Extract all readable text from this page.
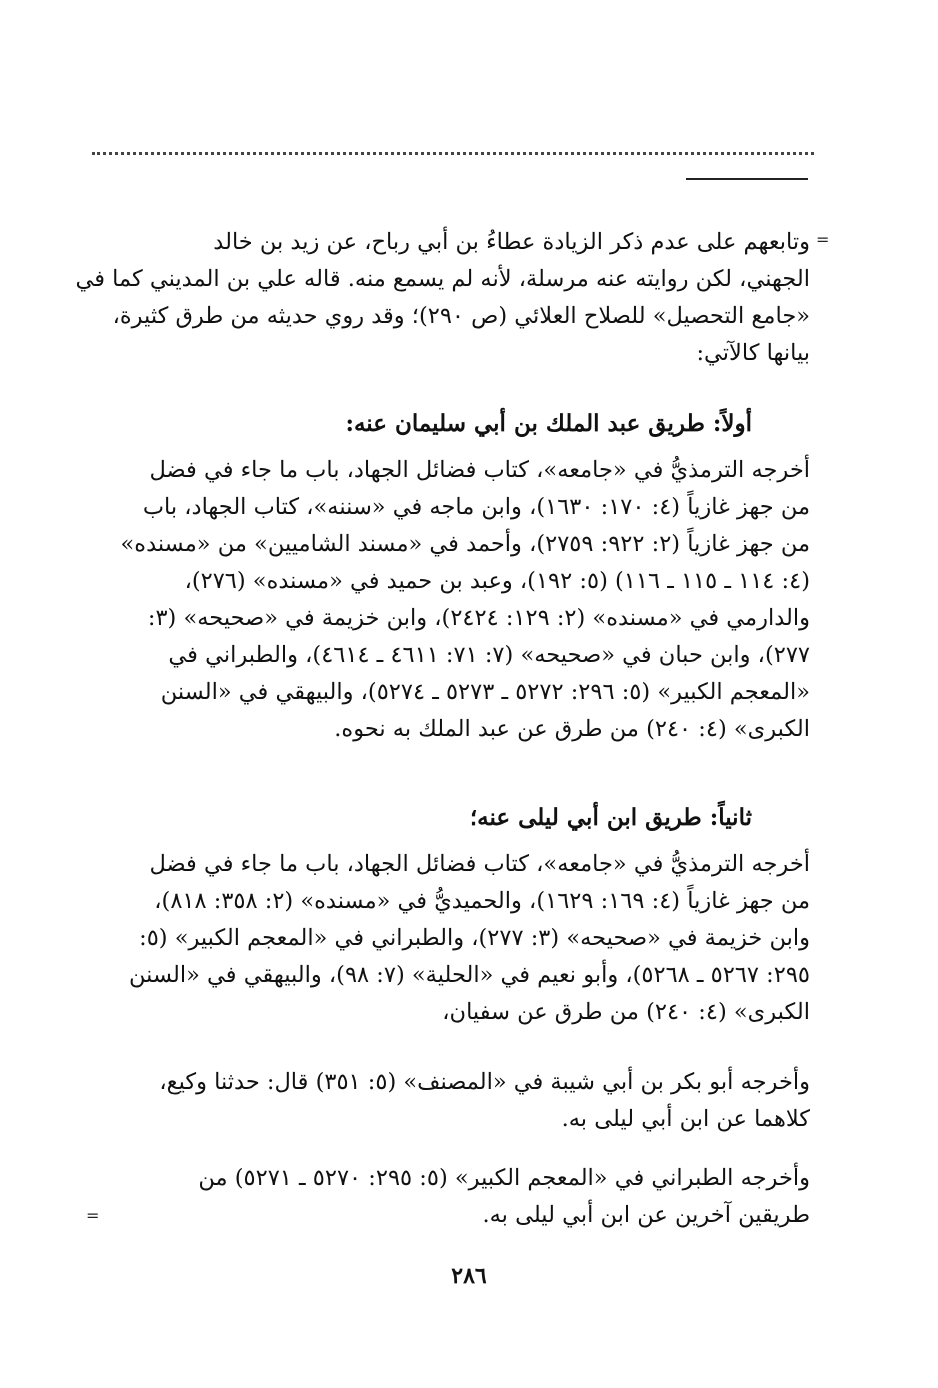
=
وتابعهم على عدم ذكر الزيادة عطاءُ بن أبي رباح، عن زيد بن خالد
الجهني، لكن روايته عنه مرسلة، لأنه لم يسمع منه. قاله علي بن المديني كما في
«جامع التحصيل» للصلاح العلائي (ص ٢٩٠)؛ وقد روي حديثه من طرق كثيرة،
بيانها كالآتي:
أولاً: طريق عبد الملك بن أبي سليمان عنه:
أخرجه الترمذيُّ في «جامعه»، كتاب فضائل الجهاد، باب ما جاء في فضل
من جهز غازياً (٤: ١٧٠: ١٦٣٠)، وابن ماجه في «سننه»، كتاب الجهاد، باب
من جهز غازياً (٢: ٩٢٢: ٢٧٥٩)، وأحمد في «مسند الشاميين» من «مسنده»
(٤: ١١٤ ـ ١١٥ ـ ١١٦) (٥: ١٩٢)، وعبد بن حميد في «مسنده» (٢٧٦)،
والدارمي في «مسنده» (٢: ١٢٩: ٢٤٢٤)، وابن خزيمة في «صحيحه» (٣:
٢٧٧)، وابن حبان في «صحيحه» (٧: ٧١: ٤٦١١ ـ ٤٦١٤)، والطبراني في
«المعجم الكبير» (٥: ٢٩٦: ٥٢٧٢ ـ ٥٢٧٣ ـ ٥٢٧٤)، والبيهقي في «السنن
الكبرى» (٤: ٢٤٠) من طرق عن عبد الملك به نحوه.
ثانياً: طريق ابن أبي ليلى عنه؛
أخرجه الترمذيُّ في «جامعه»، كتاب فضائل الجهاد، باب ما جاء في فضل
من جهز غازياً (٤: ١٦٩: ١٦٢٩)، والحميديُّ في «مسنده» (٢: ٣٥٨: ٨١٨)،
وابن خزيمة في «صحيحه» (٣: ٢٧٧)، والطبراني في «المعجم الكبير» (٥:
٢٩٥: ٥٢٦٧ ـ ٥٢٦٨)، وأبو نعيم في «الحلية» (٧: ٩٨)، والبيهقي في «السنن
الكبرى» (٤: ٢٤٠) من طرق عن سفيان،
وأخرجه أبو بكر بن أبي شيبة في «المصنف» (٥: ٣٥١) قال: حدثنا وكيع،
كلاهما عن ابن أبي ليلى به.
وأخرجه الطبراني في «المعجم الكبير» (٥: ٢٩٥: ٥٢٧٠ ـ ٥٢٧١) من
طريقين آخرين عن ابن أبي ليلى به.
=
٢٨٦
